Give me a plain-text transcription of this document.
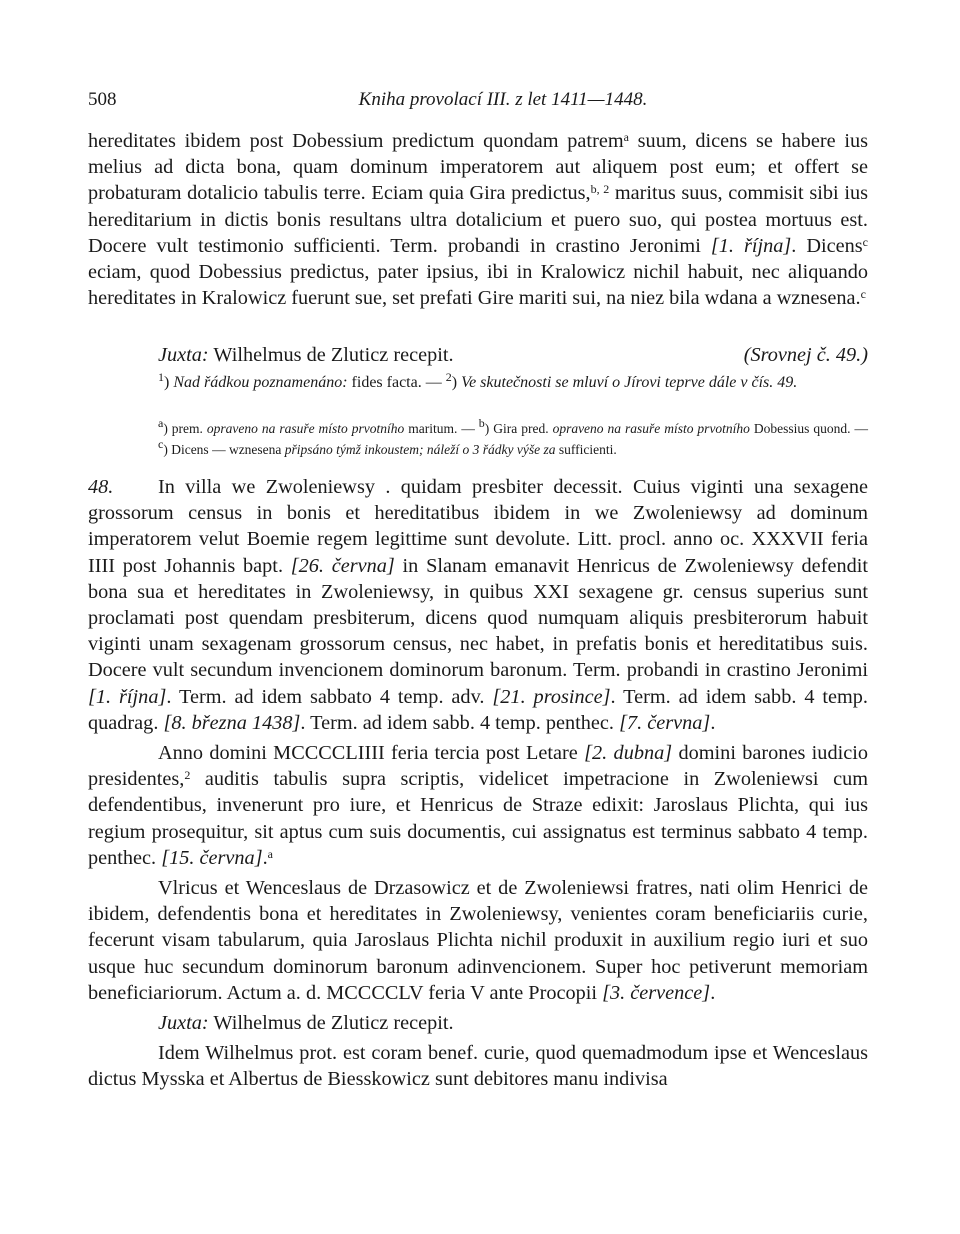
508	Kniha provolací III. z let 1411—1448.

hereditates ibidem post Dobessium predictum quondam patrem$^a$ suum, dicens se habere ius melius ad dicta bona, quam dominum imperatorem aut aliquem post eum; et offert se probaturam dotalicio tabulis terre. Eciam quia Gira predictus,$^{b, 2}$ maritus suus, commisit sibi ius hereditarium in dictis bonis resultans ultra dotalicium et puero suo, qui postea mortuus est. Docere vult testimonio sufficienti. Term. probandi in crastino Jeronimi [1. října]. Dicens$^c$ eciam, quod Dobessius predictus, pater ipsius, ibi in Kralowicz nichil habuit, nec aliquando hereditates in Kralowicz fuerunt sue, set prefati Gire mariti sui, na niez bila wdana a wznesena.$^c$

Juxta: Wilhelmus de Zluticz recepit.	(Srovnej č. 49.)

$^1$) Nad řádkou poznamenáno: fides facta. — $^2$) Ve skutečnosti se mluví o Jírovi teprve dále v čís. 49.

$^a$) prem. opraveno na rasuře místo prvotního maritum. — $^b$) Gira pred. opraveno na rasuře místo prvotního Dobessius quond. — $^c$) Dicens — wznesena připsáno týmž inkoustem; náleží o 3 řádky výše za sufficienti.

48. In villa we Zwoleniewsy . quidam presbiter decessit. Cuius viginti una sexagene grossorum census in bonis et hereditatibus ibidem in we Zwoleniewsy ad dominum imperatorem velut Boemie regem legittime sunt devolute. Litt. procl. anno oc. XXXVII feria IIII post Johannis bapt. [26. června] in Slanam emanavit Henricus de Zwoleniewsy defendit bona sua et hereditates in Zwoleniewsy, in quibus XXI sexagene gr. census superius sunt proclamati post quendam presbiterum, dicens quod numquam aliquis presbiterorum habuit viginti unam sexagenam grossorum census, nec habet, in prefatis bonis et hereditatibus suis. Docere vult secundum invencionem dominorum baronum. Term. probandi in crastino Jeronimi [1. října]. Term. ad idem sabbato 4 temp. adv. [21. prosince]. Term. ad idem sabb. 4 temp. quadrag. [8. března 1438]. Term. ad idem sabb. 4 temp. penthec. [7. června].

Anno domini MCCCCLIIII feria tercia post Letare [2. dubna] domini barones iudicio presidentes,$^2$ auditis tabulis supra scriptis, videlicet impetracione in Zwoleniewsi cum defendentibus, invenerunt pro iure, et Henricus de Straze edixit: Jaroslaus Plichta, qui ius regium prosequitur, sit aptus cum suis documentis, cui assignatus est terminus sabbato 4 temp. penthec. [15. června].$^a$

Vlricus et Wenceslaus de Drzasowicz et de Zwoleniewsi fratres, nati olim Henrici de ibidem, defendentis bona et hereditates in Zwoleniewsy, venientes coram beneficiariis curie, fecerunt visam tabularum, quia Jaroslaus Plichta nichil produxit in auxilium regio iuri et suo usque huc secundum dominorum baronum adinvencionem. Super hoc petiverunt memoriam beneficiariorum. Actum a. d. MCCCCLV feria V ante Procopii [3. července].

Juxta: Wilhelmus de Zluticz recepit.

Idem Wilhelmus prot. est coram benef. curie, quod quemadmodum ipse et Wenceslaus dictus Mysska et Albertus de Biesskowicz sunt debitores manu indivisa
